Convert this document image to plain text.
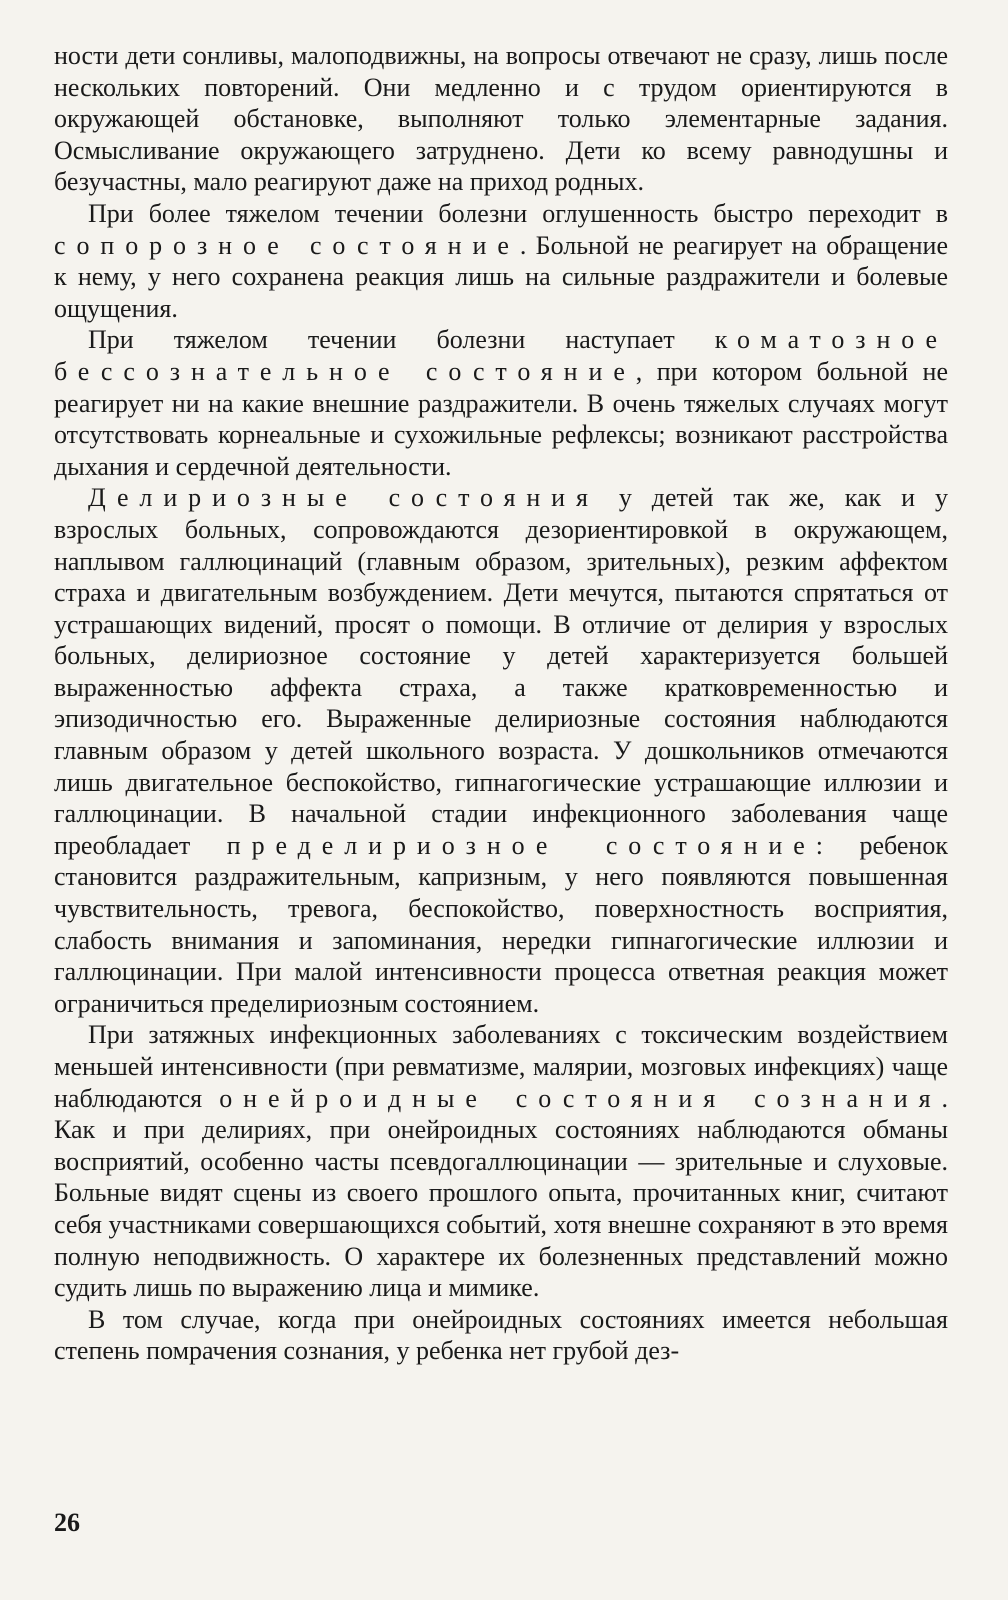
ности дети сонливы, малоподвижны, на вопросы отвечают не сразу, лишь после нескольких повторений. Они медленно и с трудом ориентируются в окружающей обстановке, выполняют только элементарные задания. Осмысливание окружающего затруднено. Дети ко всему равнодушны и безучастны, мало реагируют даже на приход родных.

При более тяжелом течении болезни оглушенность быстро переходит в сопорозное состояние. Больной не реагирует на обращение к нему, у него сохранена реакция лишь на сильные раздражители и болевые ощущения.

При тяжелом течении болезни наступает коматозное бессознательное состояние, при котором больной не реагирует ни на какие внешние раздражители. В очень тяжелых случаях могут отсутствовать корнеальные и сухожильные рефлексы; возникают расстройства дыхания и сердечной деятельности.

Делириозные состояния у детей так же, как и у взрослых больных, сопровождаются дезориентировкой в окружающем, наплывом галлюцинаций (главным образом, зрительных), резким аффектом страха и двигательным возбуждением. Дети мечутся, пытаются спрятаться от устрашающих видений, просят о помощи. В отличие от делирия у взрослых больных, делириозное состояние у детей характеризуется большей выраженностью аффекта страха, а также кратковременностью и эпизодичностью его. Выраженные делириозные состояния наблюдаются главным образом у детей школьного возраста. У дошкольников отмечаются лишь двигательное беспокойство, гипнагогические устрашающие иллюзии и галлюцинации. В начальной стадии инфекционного заболевания чаще преобладает пределириозное состояние: ребенок становится раздражительным, капризным, у него появляются повышенная чувствительность, тревога, беспокойство, поверхностность восприятия, слабость внимания и запоминания, нередки гипнагогические иллюзии и галлюцинации. При малой интенсивности процесса ответная реакция может ограничиться пределириозным состоянием.

При затяжных инфекционных заболеваниях с токсическим воздействием меньшей интенсивности (при ревматизме, малярии, мозговых инфекциях) чаще наблюдаются онейроидные состояния сознания. Как и при делириях, при онейроидных состояниях наблюдаются обманы восприятий, особенно часты псевдогаллюцинации — зрительные и слуховые. Больные видят сцены из своего прошлого опыта, прочитанных книг, считают себя участниками совершающихся событий, хотя внешне сохраняют в это время полную неподвижность. О характере их болезненных представлений можно судить лишь по выражению лица и мимике.

В том случае, когда при онейроидных состояниях имеется небольшая степень помрачения сознания, у ребенка нет грубой дез-

26
